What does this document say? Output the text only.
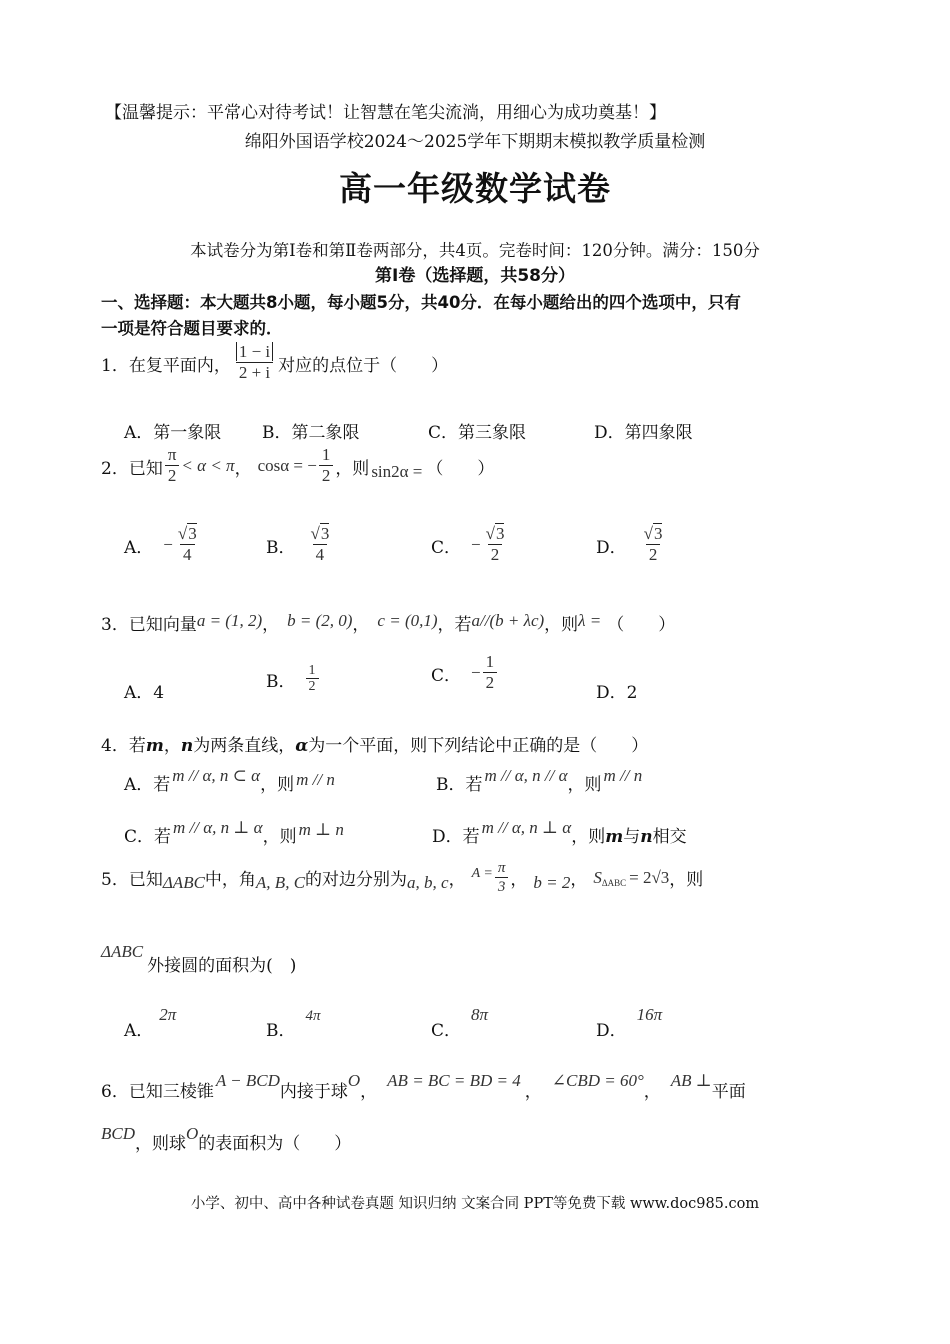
【温馨提示：平常心对待考试！让智慧在笔尖流淌，用细心为成功奠基！】
绵阳外国语学校2024～2025学年下期期末模拟教学质量检测
高一年级数学试卷
本试卷分为第Ⅰ卷和第Ⅱ卷两部分，共4页。完卷时间：120分钟。满分：150分
第Ⅰ卷（选择题，共58分）
一、选择题：本大题共8小题，每小题5分，共40分．在每小题给出的四个选项中，只有
一项是符合题目要求的．
1．在复平面内， $\frac{1 - i}{2 + i}$ 对应的点位于（　　）
A．第一象限 B．第二象限	C．第三象限	D．第四象限
2．已知 $\frac{\pi}{2} < \alpha < \pi$ ， cosα = − $\frac{1}{2}$ ，则 sin2α = （　　）
A． − $\frac{√3}{4}$	B． $\frac{√3}{4}$	C． − $\frac{√3}{2}$	D． $\frac{√3}{2}$
3．已知向量a = (1, 2)， b = (2, 0)， c = (0,1)，若a//(b + λc)，则λ = （　　）
A．4
B． $\frac{1}{2}$	C． − $\frac{1}{2}$	D．2
4．若m，n为两条直线，α为一个平面，则下列结论中正确的是（　　）
A．若 m // α, n ⊂ α，则 m // n	B．若 m // α, n // α，则 m // n
C．若 m // α, n ⊥ α，则 m ⊥ n	D．若 m // α, n ⊥ α，则m与n相交
5．已知 ΔABC 中，角 A, B, C 的对边分别为 a, b, c ， $A = \frac{\pi}{3}$ ， b = 2 ， S ΔABC = 2√3 ，则
ΔABC外接圆的面积为(　)
A．2π
B．4π
C．8π
D．16π
6．已知三棱锥A − BCD内接于球O，AB = BC = BD = 4，∠CBD = 60°，AB ⊥平面
BCD，则球O的表面积为（　　）
小学、初中、高中各种试卷真题 知识归纳 文案合同 PPT等免费下载 www.doc985.com
